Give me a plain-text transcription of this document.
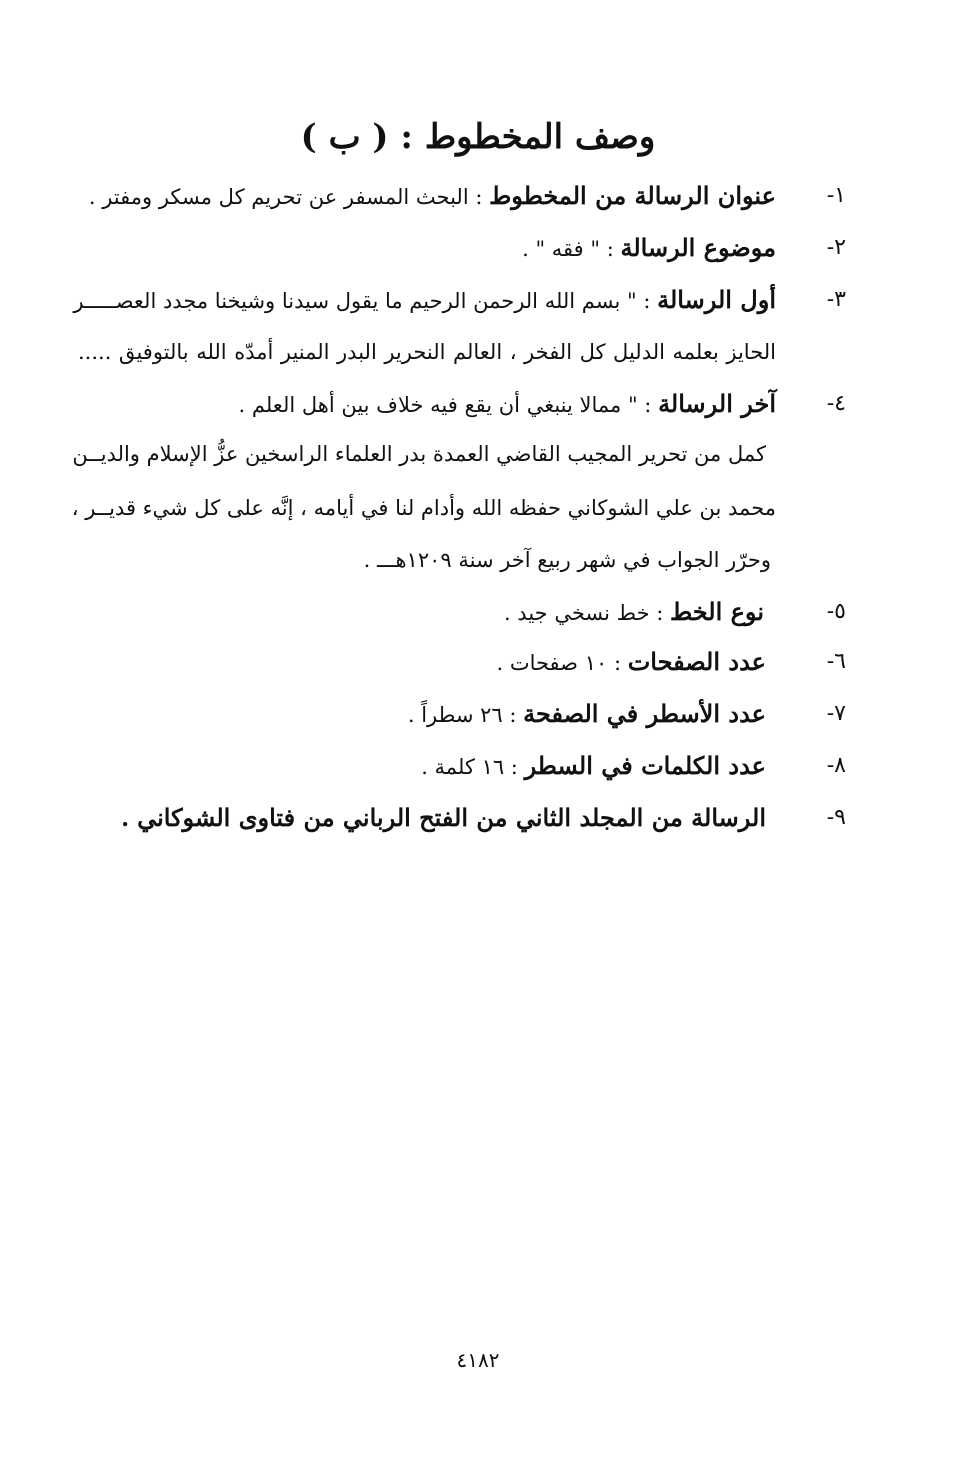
وصف المخطوط : ( ب )
١-
عنوان الرسالة من المخطوط : البحث المسفر عن تحريم كل مسكر ومفتر .
٢-
موضوع الرسالة : " فقه " .
٣-
أول الرسالة : " بسم الله الرحمن الرحيم ما يقول سيدنا وشيخنا مجدد العصـــــر
الحايز بعلمه الدليل كل الفخر ، العالم النحرير البدر المنير أمدّه الله بالتوفيق .....
٤-
آخر الرسالة : " ممالا ينبغي أن يقع فيه خلاف بين أهل العلم .
كمل من تحرير المجيب القاضي العمدة بدر العلماء الراسخين عزُّ الإسلام والديــن
محمد بن علي الشوكاني حفظه الله وأدام لنا في أيامه ، إنَّه على كل شيء قديــر ،
وحرّر الجواب في شهر ربيع آخر سنة ١٢٠٩هـــ .
٥-
نوع الخط : خط نسخي جيد .
٦-
عدد الصفحات : ١٠ صفحات .
٧-
عدد الأسطر في الصفحة : ٢٦ سطراً .
٨-
عدد الكلمات في السطر : ١٦ كلمة .
٩-
الرسالة من المجلد الثاني من الفتح الرباني من فتاوى الشوكاني .
٤١٨٢
